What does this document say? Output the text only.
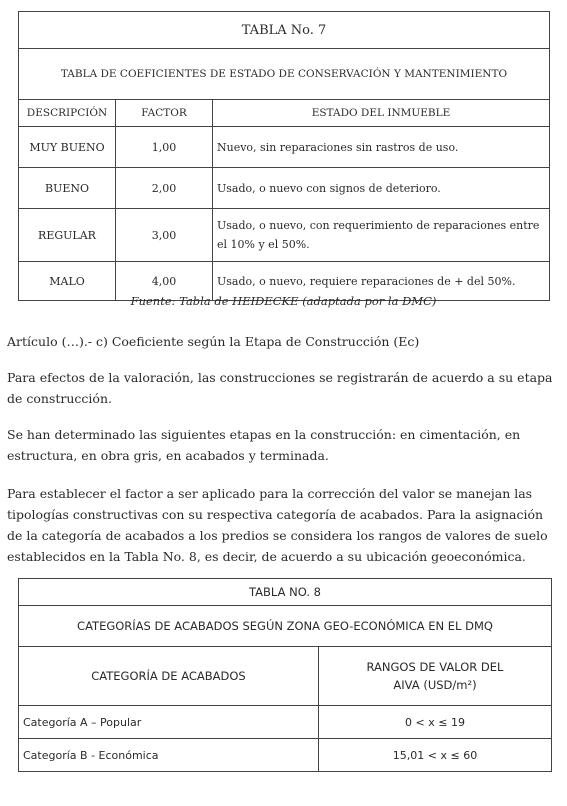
TABLA No. 7		
TABLA DE COEFICIENTES DE ESTADO DE CONSERVACIÓN Y MANTENIMIENTO		
DESCRIPCIÓN	FACTOR	ESTADO DEL INMUEBLE
MUY BUENO	1,00	Nuevo, sin reparaciones sin rastros de uso.
BUENO	2,00	Usado, o nuevo con signos de deterioro.
REGULAR	3,00	Usado, o nuevo, con requerimiento de reparaciones entre el 10% y el 50%.
MALO	4,00	Usado, o nuevo, requiere reparaciones de + del 50%.
Fuente: Tabla de HEIDECKE (adaptada por la DMC)
Artículo (…).- c) Coeficiente según la Etapa de Construcción (Ec)

Para efectos de la valoración, las construcciones se registrarán de acuerdo a su etapa de construcción.

Se han determinado las siguientes etapas en la construcción: en cimentación, en estructura, en obra gris, en acabados y terminada.

Para establecer el factor a ser aplicado para la corrección del valor se manejan las tipologías constructivas con su respectiva categoría de acabados. Para la asignación de la categoría de acabados a los predios se considera los rangos de valores de suelo establecidos en la Tabla No. 8, es decir, de acuerdo a su ubicación geoeconómica.

TABLA NO. 8	
CATEGORÍAS DE ACABADOS SEGÚN ZONA GEO-ECONÓMICA EN EL DMQ	
CATEGORÍA DE ACABADOS	RANGOS DE VALOR DEL
AIVA (USD/m²)

Categoría A – Popular	0 < x ≤ 19
Categoría B - Económica	15,01 < x ≤ 60
